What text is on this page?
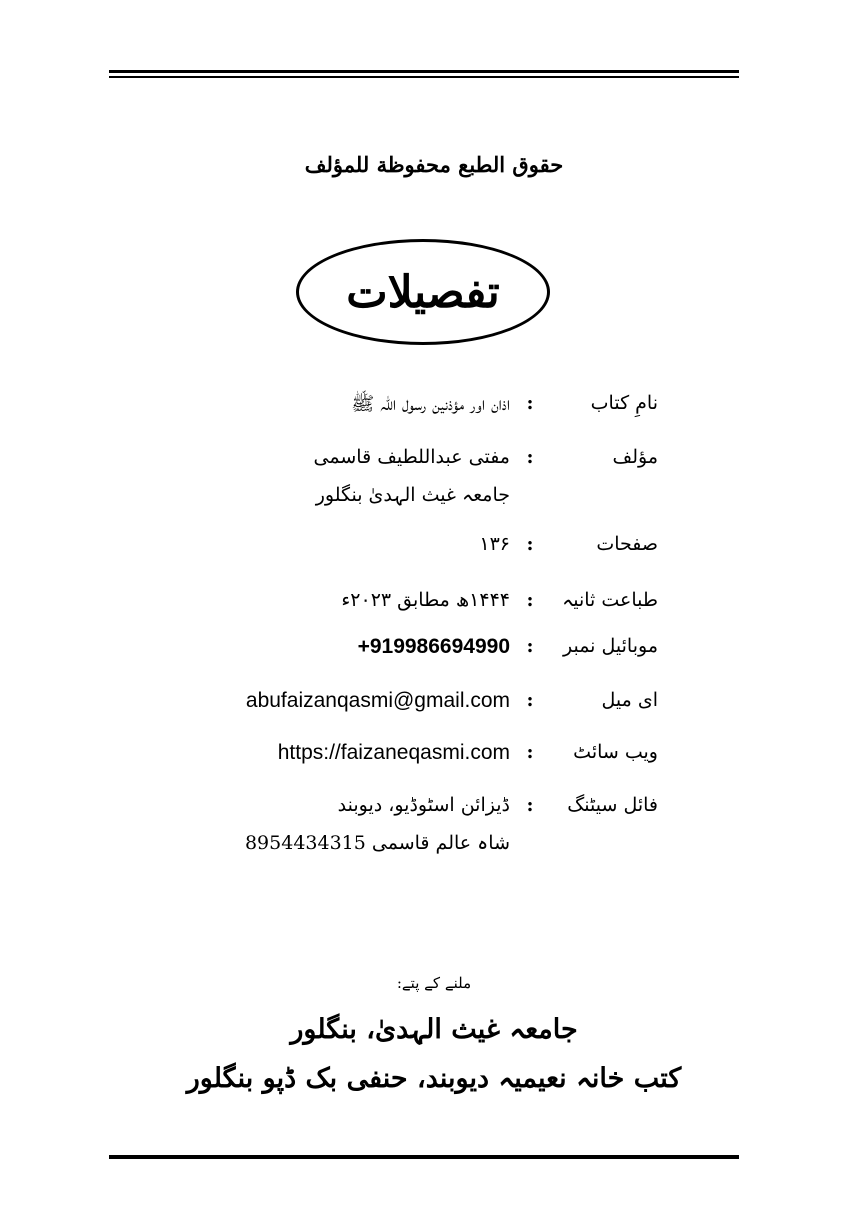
حقوق الطبع محفوظة للمؤلف
تفصیلات
نامِ کتاب
:
اذان اور مؤذنین رسول اللہ ﷺ
مؤلف
:
مفتی عبداللطیف قاسمی
جامعہ غیث الہدیٰ بنگلور
صفحات
:
۱۳۶
طباعت ثانیہ
:
۱۴۴۴ھ مطابق ۲۰۲۳ء
موبائیل نمبر
:
+919986694990
ای میل
:
abufaizanqasmi@gmail.com
ویب سائٹ
:
https://faizaneqasmi.com
فائل سیٹنگ
:
ڈیزائن اسٹوڈیو، دیوبند
شاہ عالم قاسمی 8954434315
ملنے کے پتے:
جامعہ غیث الہدیٰ، بنگلور
کتب خانہ نعیمیہ دیوبند، حنفی بک ڈپو بنگلور
